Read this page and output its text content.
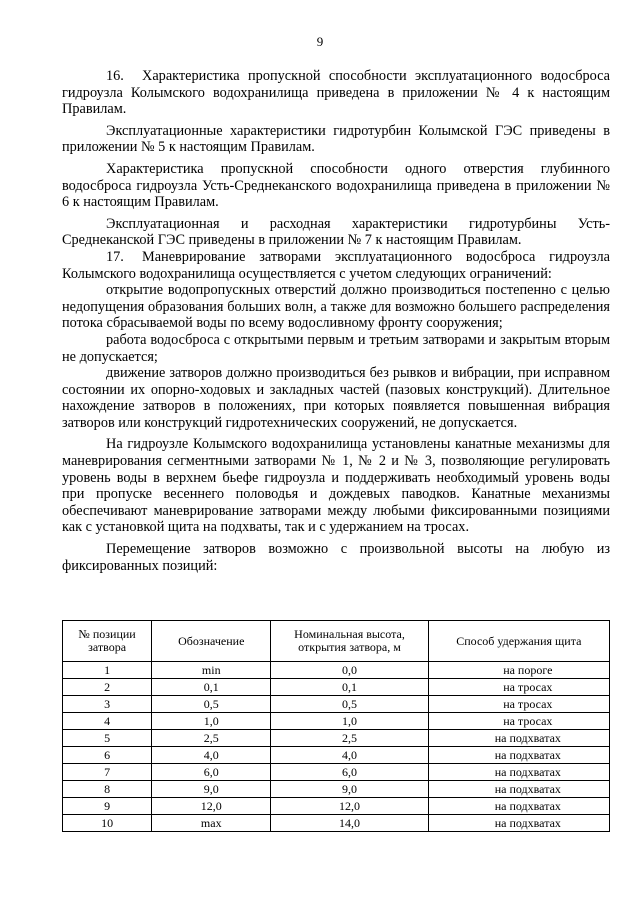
9

16. Характеристика пропускной способности эксплуатационного водосброса гидроузла Колымского водохранилища приведена в приложении № 4 к настоящим Правилам.

Эксплуатационные характеристики гидротурбин Колымской ГЭС приведены в приложении № 5 к настоящим Правилам.

Характеристика пропускной способности одного отверстия глубинного водосброса гидроузла Усть-Среднеканского водохранилища приведена в приложении № 6 к настоящим Правилам.

Эксплуатационная и расходная характеристики гидротурбины Усть-Среднеканской ГЭС приведены в приложении № 7 к настоящим Правилам.

17. Маневрирование затворами эксплуатационного водосброса гидроузла Колымского водохранилища осуществляется с учетом следующих ограничений:

открытие водопропускных отверстий должно производиться постепенно с целью недопущения образования больших волн, а также для возможно большего распределения потока сбрасываемой воды по всему водосливному фронту сооружения;

работа водосброса с открытыми первым и третьим затворами и закрытым вторым не допускается;

движение затворов должно производиться без рывков и вибрации, при исправном состоянии их опорно-ходовых и закладных частей (пазовых конструкций). Длительное нахождение затворов в положениях, при которых появляется повышенная вибрация затворов или конструкций гидротехнических сооружений, не допускается.

На гидроузле Колымского водохранилища установлены канатные механизмы для маневрирования сегментными затворами № 1, № 2 и № 3, позволяющие регулировать уровень воды в верхнем бьефе гидроузла и поддерживать необходимый уровень воды при пропуске весеннего половодья и дождевых паводков. Канатные механизмы обеспечивают маневрирование затворами между любыми фиксированными позициями как с установкой щита на подхваты, так и с удержанием на тросах.

Перемещение затворов возможно с произвольной высоты на любую из фиксированных позиций:

№ позиции затвора	Обозначение	Номинальная высота, открытия затвора, м	Способ удержания щита
1	min	0,0	на пороге
2	0,1	0,1	на тросах
3	0,5	0,5	на тросах
4	1,0	1,0	на тросах
5	2,5	2,5	на подхватах
6	4,0	4,0	на подхватах
7	6,0	6,0	на подхватах
8	9,0	9,0	на подхватах
9	12,0	12,0	на подхватах
10	max	14,0	на подхватах
